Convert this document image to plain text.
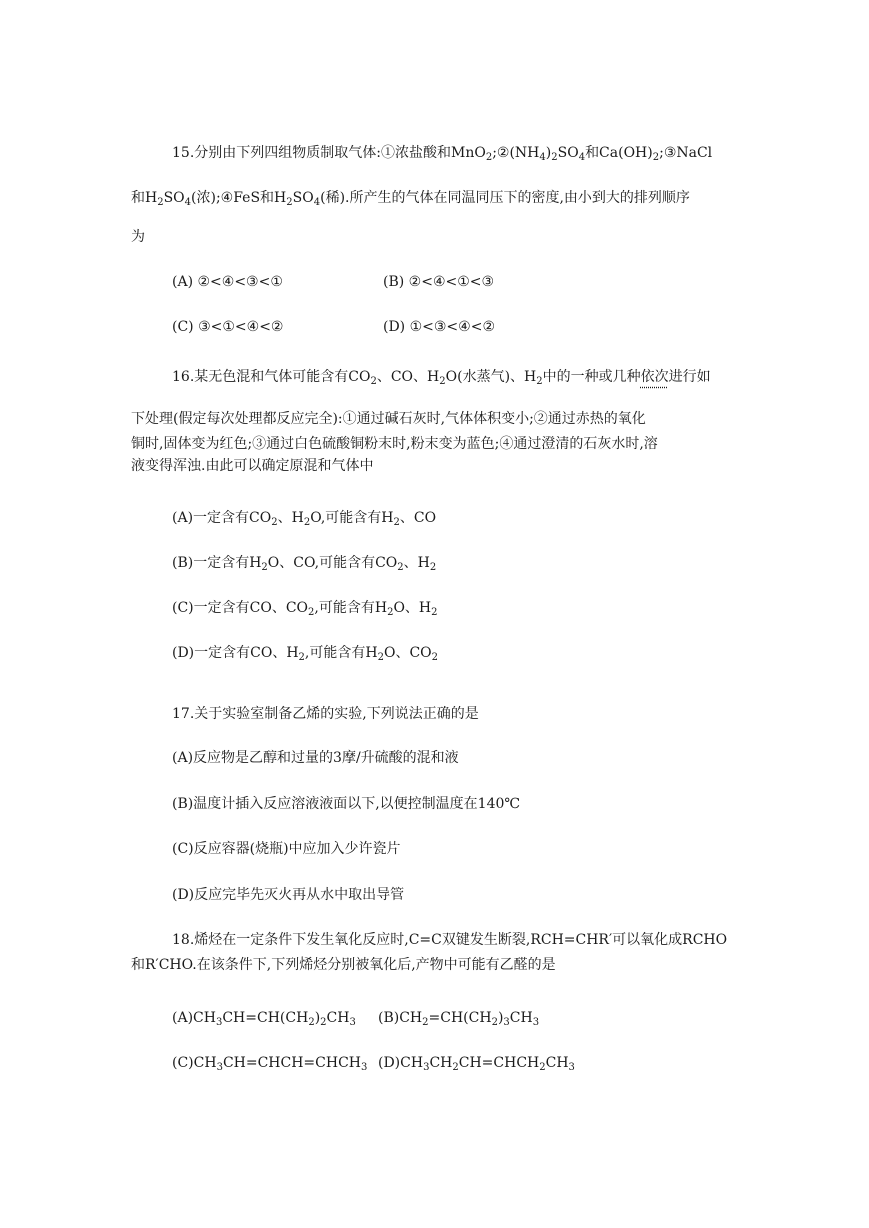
15.分别由下列四组物质制取气体:①浓盐酸和$MnO_2;②(NH_4)_2SO_4$和$Ca(OH)_2;③NaCl$
和$H_2SO_4$(浓);④FeS和$H_2SO_4$(稀).所产生的气体在同温同压下的密度,由小到大的排列顺序
为
(A) ②<④<③<①	(B) ②<④<①<③
(C) ③<①<④<②	(D) ①<③<④<②
16.某无色混和气体可能含有$CO_2$、CO、$H_2O$(水蒸气)、$H_2$中的一种或几种依次进行如
下处理(假定每次处理都反应完全):①通过碱石灰时,气体体积变小;②通过赤热的氧化
铜时,固体变为红色;③通过白色硫酸铜粉末时,粉末变为蓝色;④通过澄清的石灰水时,溶
液变得浑浊.由此可以确定原混和气体中
(A)一定含有$CO_2$、$H_2O$,可能含有$H_2$、CO
(B)一定含有$H_2O$、CO,可能含有$CO_2$、$H_2$
(C)一定含有CO、$CO_2$,可能含有$H_2O$、$H_2$
(D)一定含有CO、$H_2$,可能含有$H_2O$、$CO_2$
17.关于实验室制备乙烯的实验,下列说法正确的是
(A)反应物是乙醇和过量的3摩/升硫酸的混和液
(B)温度计插入反应溶液液面以下,以便控制温度在140℃
(C)反应容器(烧瓶)中应加入少许瓷片
(D)反应完毕先灭火再从水中取出导管
18.烯烃在一定条件下发生氧化反应时,C=C双键发生断裂,RCH=CHR′可以氧化成RCHO
和R′CHO.在该条件下,下列烯烃分别被氧化后,产物中可能有乙醛的是
$(A)CH_3CH=CH(CH_2)_2CH_3$ $(B)CH_2=CH(CH_2)_3CH_3$
$(C)CH_3CH=CHCH=CHCH_3$ $(D)CH_3CH_2CH=CHCH_2CH_3$
